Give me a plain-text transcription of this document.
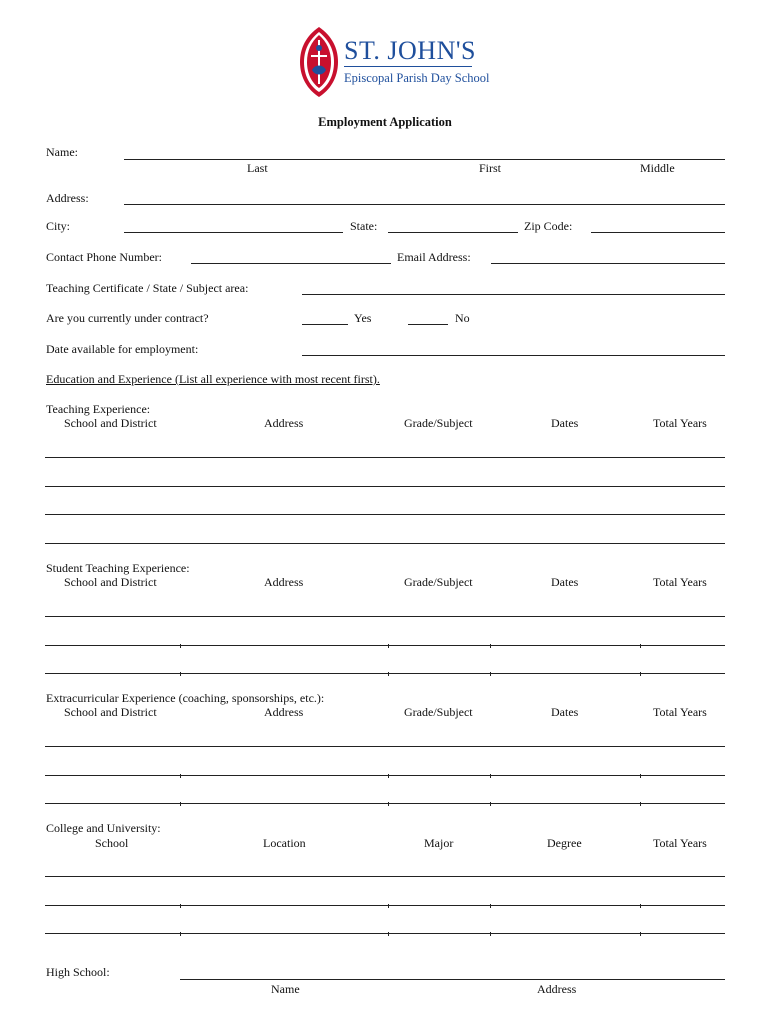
ST. JOHN'S
Episcopal Parish Day School
Employment Application
Name:
Last	First	Middle
Address:
City:	State:	Zip Code:
Contact Phone Number:	Email Address:
Teaching Certificate / State / Subject area:
Are you currently under contract?	Yes	No
Date available for employment:
Education and Experience (List all experience with most recent first).
Teaching Experience:
School and District	Address	Grade/Subject	Dates	Total Years
Student Teaching Experience:
School and District	Address	Grade/Subject	Dates	Total Years
Extracurricular Experience (coaching, sponsorships, etc.):
School and District	Address	Grade/Subject	Dates	Total Years
College and University:
School	Location	Major	Degree	Total Years
High School:
Name	Address
